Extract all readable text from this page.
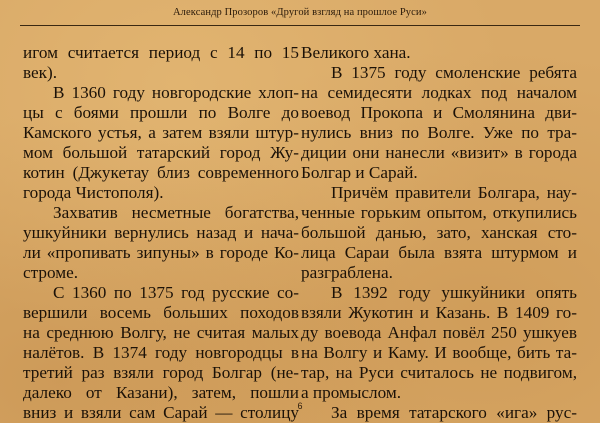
Александр Прозоров «Другой взгляд на прошлое Руси»
игом считается период с 14 по 15
век).
В 1360 году новгородские хлоп-
цы с боями прошли по Волге до
Камского устья, а затем взяли штур-
мом большой татарский город Жу-
котин (Джукетау близ современного
города Чистополя).
Захватив несметные богатства,
ушкуйники вернулись назад и нача-
ли «пропивать зипуны» в городе Ко-
строме.
С 1360 по 1375 год русские со-
вершили восемь больших походов
на среднюю Волгу, не считая малых
налётов. В 1374 году новгородцы в
третий раз взяли город Болгар (не-
далеко от Казани), затем, пошли
вниз и взяли сам Сарай — столицу
Великого хана.
В 1375 году смоленские ребята
на семидесяти лодках под началом
воевод Прокопа и Смолянина дви-
нулись вниз по Волге. Уже по тра-
диции они нанесли «визит» в города
Болгар и Сарай.
Причём правители Болгара, нау-
ченные горьким опытом, откупились
большой данью, зато, ханская сто-
лица Сараи была взята штурмом и
разграблена.
В 1392 году ушкуйники опять
взяли Жукотин и Казань. В 1409 го-
ду воевода Анфал повёл 250 ушкуев
на Волгу и Каму. И вообще, бить та-
тар, на Руси считалось не подвигом,
а промыслом.
За время татарского «ига» рус-
6
